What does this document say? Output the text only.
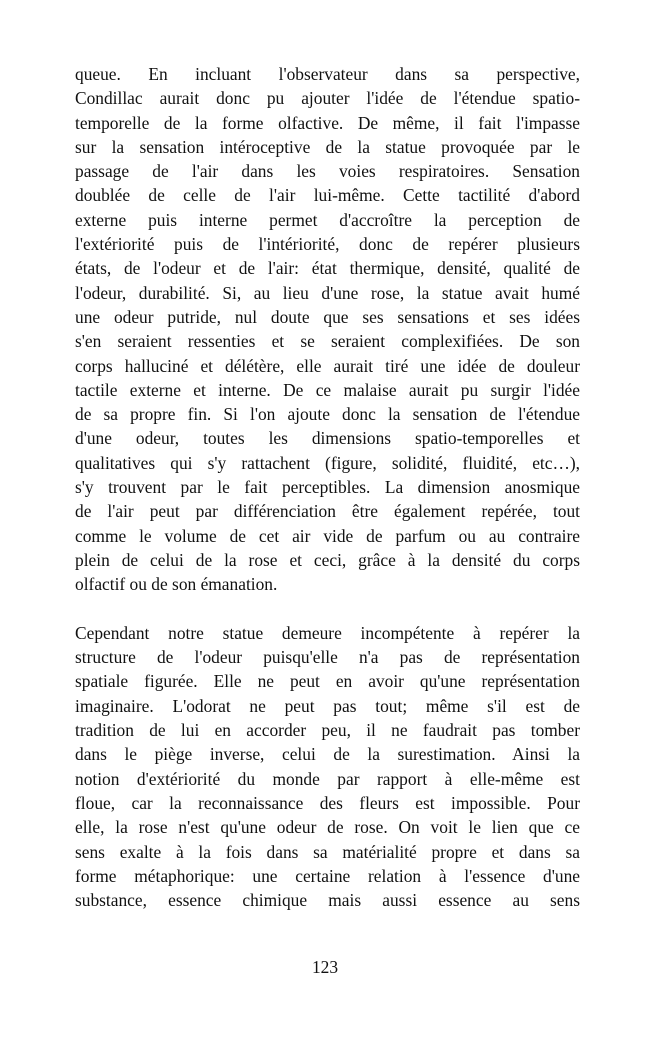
queue. En incluant l'observateur dans sa perspective,
Condillac aurait donc pu ajouter l'idée de l'étendue spatio-
temporelle de la forme olfactive. De même, il fait l'impasse
sur la sensation intéroceptive de la statue provoquée par le
passage de l'air dans les voies respiratoires. Sensation
doublée de celle de l'air lui-même. Cette tactilité d'abord
externe puis interne permet d'accroître la perception de
l'extériorité puis de l'intériorité, donc de repérer plusieurs
états, de l'odeur et de l'air: état thermique, densité, qualité de
l'odeur, durabilité. Si, au lieu d'une rose, la statue avait humé
une odeur putride, nul doute que ses sensations et ses idées
s'en seraient ressenties et se seraient complexifiées. De son
corps halluciné et délétère, elle aurait tiré une idée de douleur
tactile externe et interne. De ce malaise aurait pu surgir l'idée
de sa propre fin. Si l'on ajoute donc la sensation de l'étendue
d'une odeur, toutes les dimensions spatio-temporelles et
qualitatives qui s'y rattachent (figure, solidité, fluidité, etc…),
s'y trouvent par le fait perceptibles. La dimension anosmique
de l'air peut par différenciation être également repérée, tout
comme le volume de cet air vide de parfum ou au contraire
plein de celui de la rose et ceci, grâce à la densité du corps
olfactif ou de son émanation.
Cependant notre statue demeure incompétente à repérer la
structure de l'odeur puisqu'elle n'a pas de représentation
spatiale figurée. Elle ne peut en avoir qu'une représentation
imaginaire. L'odorat ne peut pas tout; même s'il est de
tradition de lui en accorder peu, il ne faudrait pas tomber
dans le piège inverse, celui de la surestimation. Ainsi la
notion d'extériorité du monde par rapport à elle-même est
floue, car la reconnaissance des fleurs est impossible. Pour
elle, la rose n'est qu'une odeur de rose. On voit le lien que ce
sens exalte à la fois dans sa matérialité propre et dans sa
forme métaphorique: une certaine relation à l'essence d'une
substance, essence chimique mais aussi essence au sens
123
